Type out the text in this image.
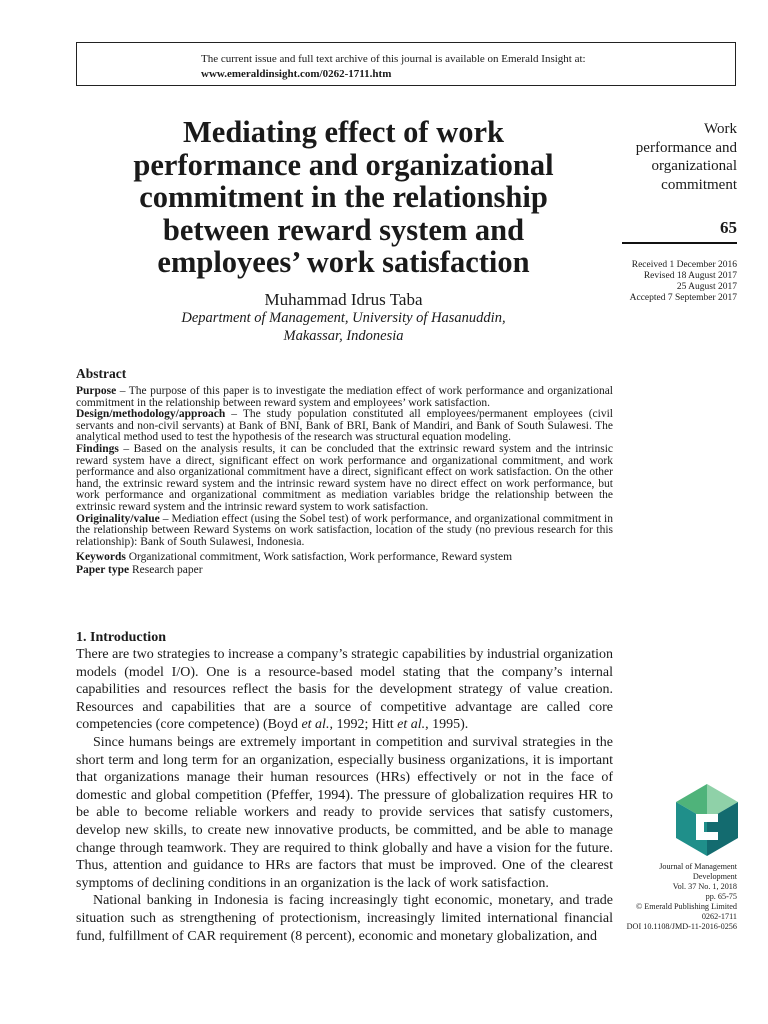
The current issue and full text archive of this journal is available on Emerald Insight at:
www.emeraldinsight.com/0262-1711.htm
Mediating effect of work
performance and organizational
commitment in the relationship
between reward system and
employees’ work satisfaction
Muhammad Idrus Taba
Department of Management, University of Hasanuddin,
Makassar, Indonesia
Work
performance and
organizational
commitment
65
Received 1 December 2016
Revised 18 August 2017
25 August 2017
Accepted 7 September 2017
Abstract

Purpose – The purpose of this paper is to investigate the mediation effect of work performance and organizational commitment in the relationship between reward system and employees’ work satisfaction.

Design/methodology/approach – The study population constituted all employees/permanent employees (civil servants and non-civil servants) at Bank of BNI, Bank of BRI, Bank of Mandiri, and Bank of South Sulawesi. The analytical method used to test the hypothesis of the research was structural equation modeling.

Findings – Based on the analysis results, it can be concluded that the extrinsic reward system and the intrinsic reward system have a direct, significant effect on work performance and organizational commitment, and work performance and also organizational commitment have a direct, significant effect on work satisfaction. On the other hand, the extrinsic reward system and the intrinsic reward system have no direct effect on work performance, but work performance and organizational commitment as mediation variables bridge the relationship between the extrinsic reward system and the intrinsic reward system to work satisfaction.

Originality/value – Mediation effect (using the Sobel test) of work performance, and organizational commitment in the relationship between Reward Systems on work satisfaction, location of the study (no previous research for this relationship): Bank of South Sulawesi, Indonesia.

Keywords Organizational commitment, Work satisfaction, Work performance, Reward system

Paper type Research paper

1. Introduction

There are two strategies to increase a company’s strategic capabilities by industrial organization models (model I/O). One is a resource-based model stating that the company’s internal capabilities and resources reflect the basis for the development strategy of value creation. Resources and capabilities that are a source of competitive advantage are called core competencies (core competence) (Boyd et al., 1992; Hitt et al., 1995).

Since humans beings are extremely important in competition and survival strategies in the short term and long term for an organization, especially business organizations, it is important that organizations manage their human resources (HRs) effectively or not in the face of domestic and global competition (Pfeffer, 1994). The pressure of globalization requires HR to be able to become reliable workers and ready to provide services that satisfy customers, develop new skills, to create new innovative products, be committed, and be able to manage change through teamwork. They are required to think globally and have a vision for the future. Thus, attention and guidance to HRs are factors that must be improved. One of the clearest symptoms of declining conditions in an organization is the lack of work satisfaction.

National banking in Indonesia is facing increasingly tight economic, monetary, and trade situation such as strengthening of protectionism, increasingly limited international financial fund, fulfillment of CAR requirement (8 percent), economic and monetary globalization, and

Journal of Management
Development
Vol. 37 No. 1, 2018
pp. 65-75
© Emerald Publishing Limited
0262-1711
DOI 10.1108/JMD-11-2016-0256
